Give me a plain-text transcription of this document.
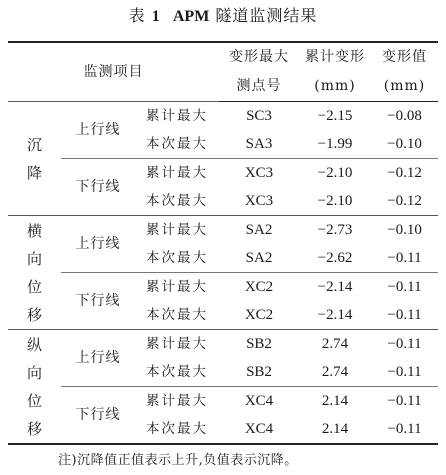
表 1 APM 隧道监测结果
监测项目			变形最大	累计变形	变形值
			测点号	(mm)	(mm)

沉
降	上行线	累计最大	SC3	−2.15	−0.08
		本次最大	SA3	−1.99	−0.10
	下行线	累计最大	XC3	−2.10	−0.12
		本次最大	XC3	−2.10	−0.12

横
向
位
移	上行线	累计最大	SA2	−2.73	−0.10
		本次最大	SA2	−2.62	−0.11
	下行线	累计最大	XC2	−2.14	−0.11
		本次最大	XC2	−2.14	−0.11

纵
向
位
移	上行线	累计最大	SB2	2.74	−0.11
		本次最大	SB2	2.74	−0.11
	下行线	累计最大	XC4	2.14	−0.11
		本次最大	XC4	2.14	−0.11
注)沉降值正值表示上升,负值表示沉降。
